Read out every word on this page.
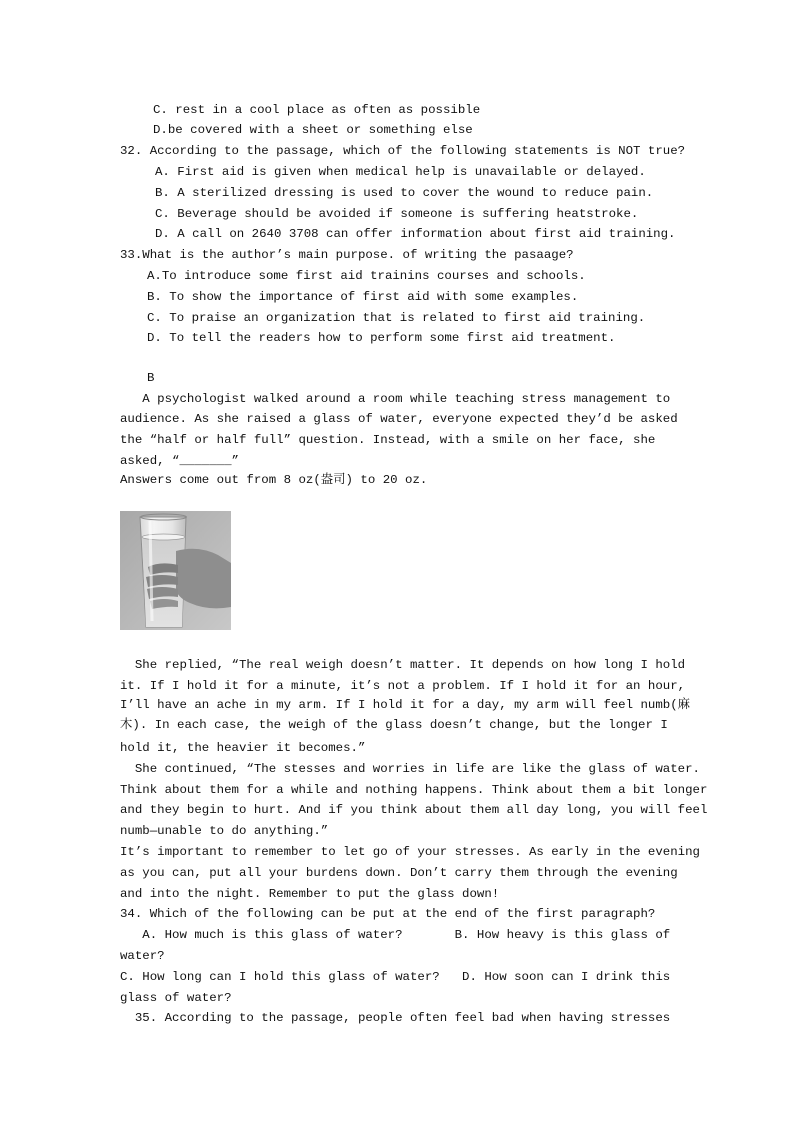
C. rest in a cool place as often as possible
D.be covered with a sheet or something else
32. According to the passage, which of the following statements is NOT true?
A. First aid is given when medical help is unavailable or delayed.
B. A sterilized dressing is used to cover the wound to reduce pain.
C. Beverage should be avoided if someone is suffering heatstroke.
D. A call on 2640 3708 can offer information about first aid training.
33.What is the author’s main purpose. of writing the pasaage?
A.To introduce some first aid trainins courses and schools.
B. To show the importance of first aid with some examples.
C. To praise an organization that is related to first aid training.
D. To tell the readers how to perform some first aid treatment.
B
A psychologist walked around a room while teaching stress management to
audience. As she raised a glass of water, everyone expected they’d be asked
the “half or half full” question. Instead, with a smile on her face, she
asked, “_______”
Answers come out from 8 oz(盎司) to 20 oz.
She replied, “The real weigh doesn’t matter. It depends on how long I hold
it. If I hold it for a minute, it’s not a problem. If I hold it for an hour,
I’ll have an ache in my arm. If I hold it for a day, my arm will feel numb(麻
木). In each case, the weigh of the glass doesn’t change, but the longer I
hold it, the heavier it becomes.”
She continued, “The stesses and worries in life are like the glass of water.
Think about them for a while and nothing happens. Think about them a bit longer
and they begin to hurt. And if you think about them all day long, you will feel
numb—unable to do anything.”
It’s important to remember to let go of your stresses. As early in the evening
as you can, put all your burdens down. Don’t carry them through the evening
and into the night. Remember to put the glass down!
34. Which of the following can be put at the end of the first paragraph?
A. How much is this glass of water?       B. How heavy is this glass of
water?
C. How long can I hold this glass of water?   D. How soon can I drink this
glass of water?
35. According to the passage, people often feel bad when having stresses
